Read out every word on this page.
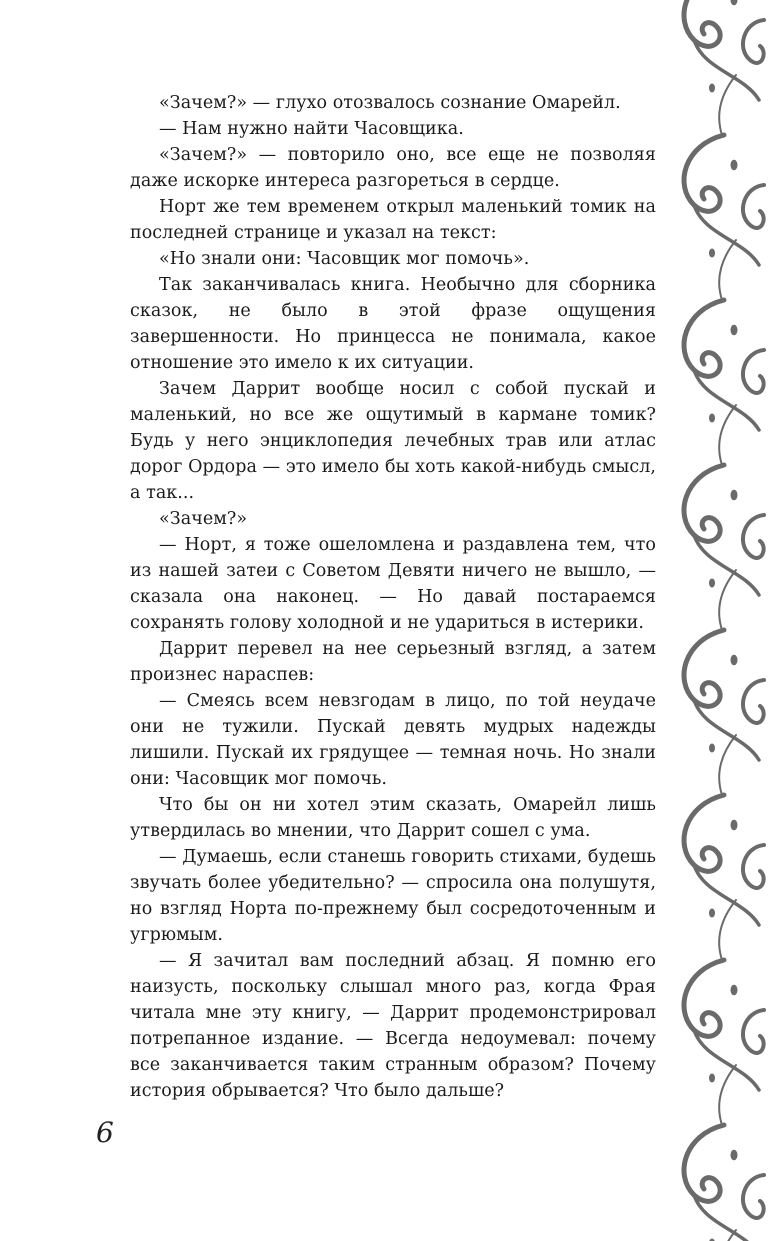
«Зачем?» — глухо отозвалось сознание Омарейл.

— Нам нужно найти Часовщика.

«Зачем?» — повторило оно, все еще не позволяя даже искорке интереса разгореться в сердце.

Норт же тем временем открыл маленький томик на последней странице и указал на текст:

«Но знали они: Часовщик мог помочь».

Так заканчивалась книга. Необычно для сборника сказок, не было в этой фразе ощущения завершенности. Но принцесса не понимала, какое отношение это имело к их ситуации.

Зачем Даррит вообще носил с собой пускай и маленький, но все же ощутимый в кармане томик? Будь у него энциклопедия лечебных трав или атлас дорог Ордора — это имело бы хоть какой-нибудь смысл, а так...

«Зачем?»

— Норт, я тоже ошеломлена и раздавлена тем, что из нашей затеи с Советом Девяти ничего не вышло, — сказала она наконец. — Но давай постараемся сохранять голову холодной и не удариться в истерики.

Даррит перевел на нее серьезный взгляд, а затем произнес нараспев:

— Смеясь всем невзгодам в лицо, по той неудаче они не тужили. Пускай девять мудрых надежды лишили. Пускай их грядущее — темная ночь. Но знали они: Часовщик мог помочь.

Что бы он ни хотел этим сказать, Омарейл лишь утвердилась во мнении, что Даррит сошел с ума.

— Думаешь, если станешь говорить стихами, будешь звучать более убедительно? — спросила она полушутя, но взгляд Норта по-прежнему был сосредоточенным и угрюмым.

— Я зачитал вам последний абзац. Я помню его наизусть, поскольку слышал много раз, когда Фрая читала мне эту книгу, — Даррит продемонстрировал потрепанное издание. — Всегда недоумевал: почему все заканчивается таким странным образом? Почему история обрывается? Что было дальше?

6
